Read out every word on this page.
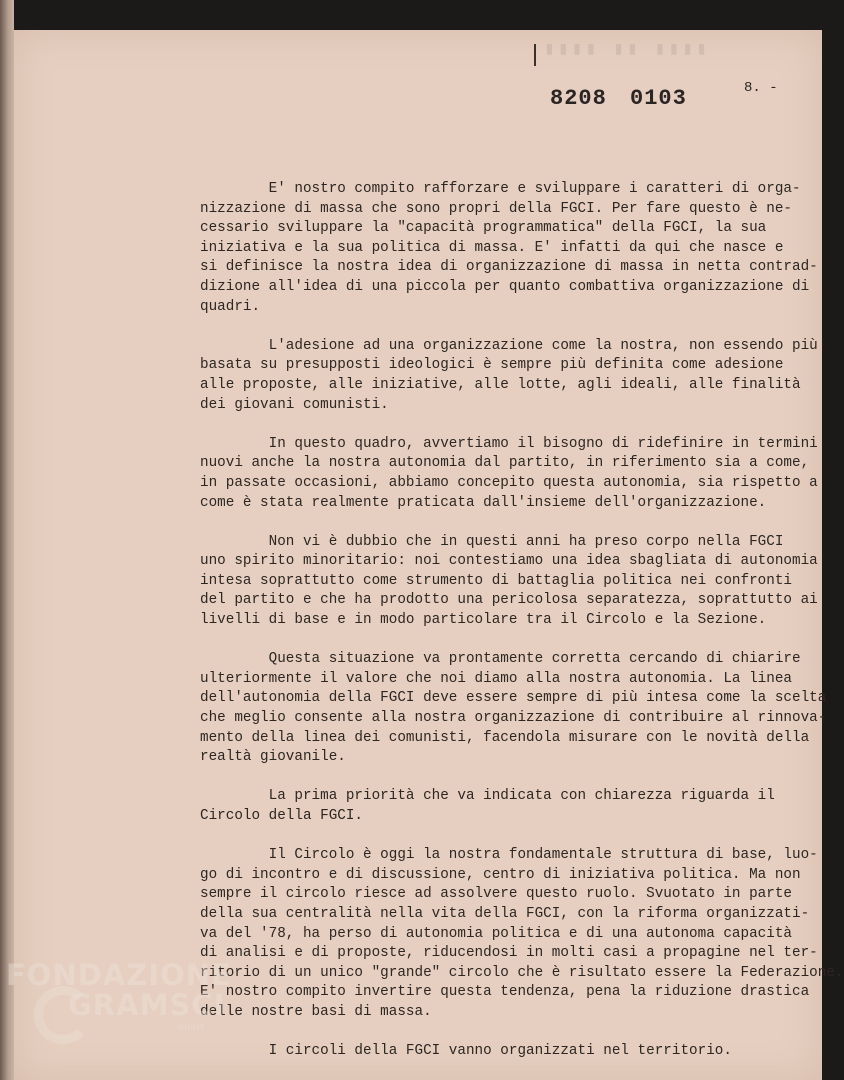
▮▮▮▮ ▮▮ ▮▮▮▮
8208 0103	8. -
E' nostro compito rafforzare e sviluppare i caratteri di orga-
nizzazione di massa che sono propri della FGCI. Per fare questo è ne-
cessario sviluppare la "capacità programmatica" della FGCI, la sua
iniziativa e la sua politica di massa. E' infatti da qui che nasce e
si definisce la nostra idea di organizzazione di massa in netta contrad-
dizione all'idea di una piccola per quanto combattiva organizzazione di
quadri.
L'adesione ad una organizzazione come la nostra, non essendo più
basata su presupposti ideologici è sempre più definita come adesione
alle proposte, alle iniziative, alle lotte, agli ideali, alle finalità
dei giovani comunisti.
In questo quadro, avvertiamo il bisogno di ridefinire in termini
nuovi anche la nostra autonomia dal partito, in riferimento sia a come,
in passate occasioni, abbiamo concepito questa autonomia, sia rispetto a
come è stata realmente praticata dall'insieme dell'organizzazione.
Non vi è dubbio che in questi anni ha preso corpo nella FGCI
uno spirito minoritario: noi contestiamo una idea sbagliata di autonomia
intesa soprattutto come strumento di battaglia politica nei confronti
del partito e che ha prodotto una pericolosa separatezza, soprattutto ai
livelli di base e in modo particolare tra il Circolo e la Sezione.
Questa situazione va prontamente corretta cercando di chiarire
ulteriormente il valore che noi diamo alla nostra autonomia. La linea
dell'autonomia della FGCI deve essere sempre di più intesa come la scelta
che meglio consente alla nostra organizzazione di contribuire al rinnova-
mento della linea dei comunisti, facendola misurare con le novità della
realtà giovanile.
La prima priorità che va indicata con chiarezza riguarda il
Circolo della FGCI.
Il Circolo è oggi la nostra fondamentale struttura di base, luo-
go di incontro e di discussione, centro di iniziativa politica. Ma non
sempre il circolo riesce ad assolvere questo ruolo. Svuotato in parte
della sua centralità nella vita della FGCI, con la riforma organizzati-
va del '78, ha perso di autonomia politica e di una autonoma capacità
di analisi e di proposte, riducendosi in molti casi a propagine nel ter-
ritorio di un unico "grande" circolo che è risultato essere la Federazione.
E' nostro compito invertire questa tendenza, pena la riduzione drastica
delle nostre basi di massa.
I circoli della FGCI vanno organizzati nel territorio.
FONDAZIONE
GRAMSCI
onlus
